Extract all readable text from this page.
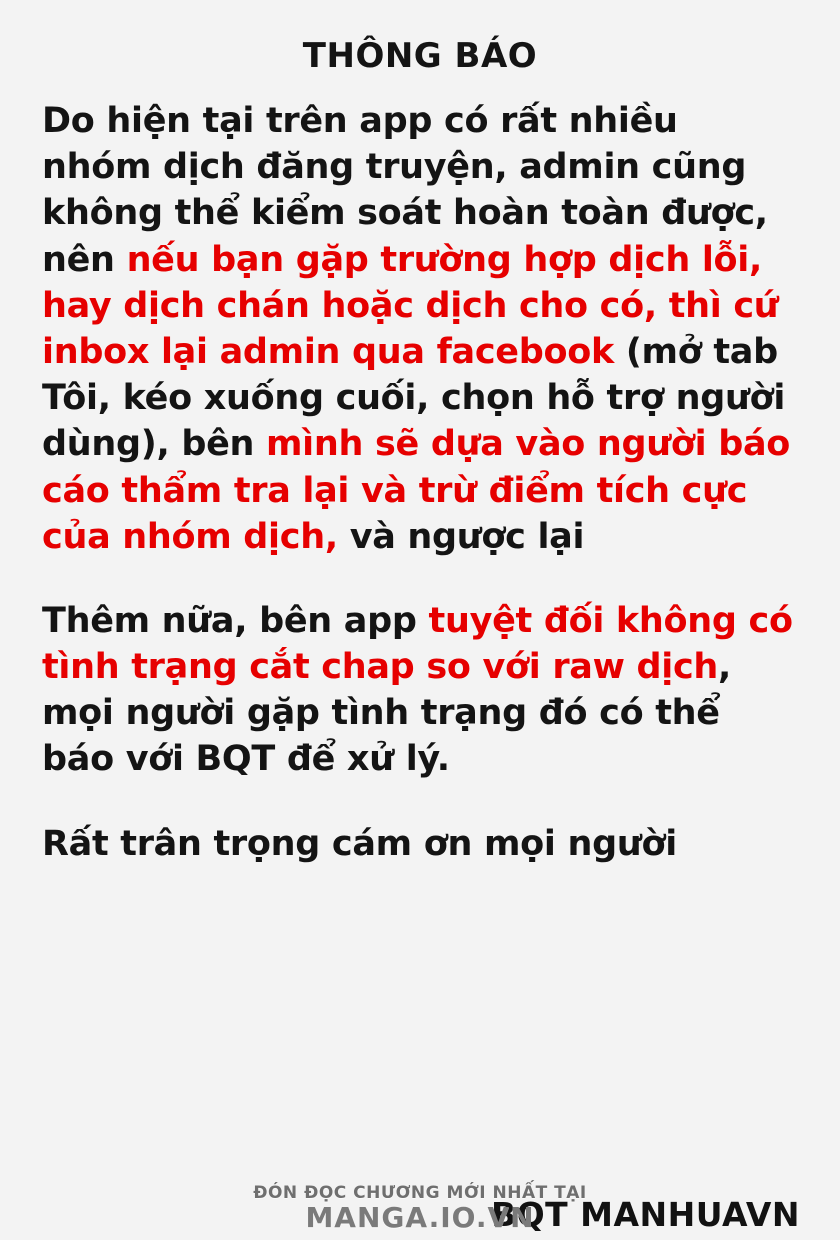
THÔNG BÁO

Do hiện tại trên app có rất nhiều nhóm dịch đăng truyện, admin cũng không thể kiểm soát hoàn toàn được, nên nếu bạn gặp trường hợp dịch lỗi, hay dịch chán hoặc dịch cho có, thì cứ inbox lại admin qua facebook (mở tab Tôi, kéo xuống cuối, chọn hỗ trợ người dùng), bên mình sẽ dựa vào người báo cáo thẩm tra lại và trừ điểm tích cực của nhóm dịch, và ngược lại

Thêm nữa, bên app tuyệt đối không có tình trạng cắt chap so với raw dịch, mọi người gặp tình trạng đó có thể báo với BQT để xử lý.

Rất trân trọng cám ơn mọi người

BQT MANHUAVN
ĐÓN ĐỌC CHƯƠNG MỚI NHẤT TẠI
MANGA.IO.VN
